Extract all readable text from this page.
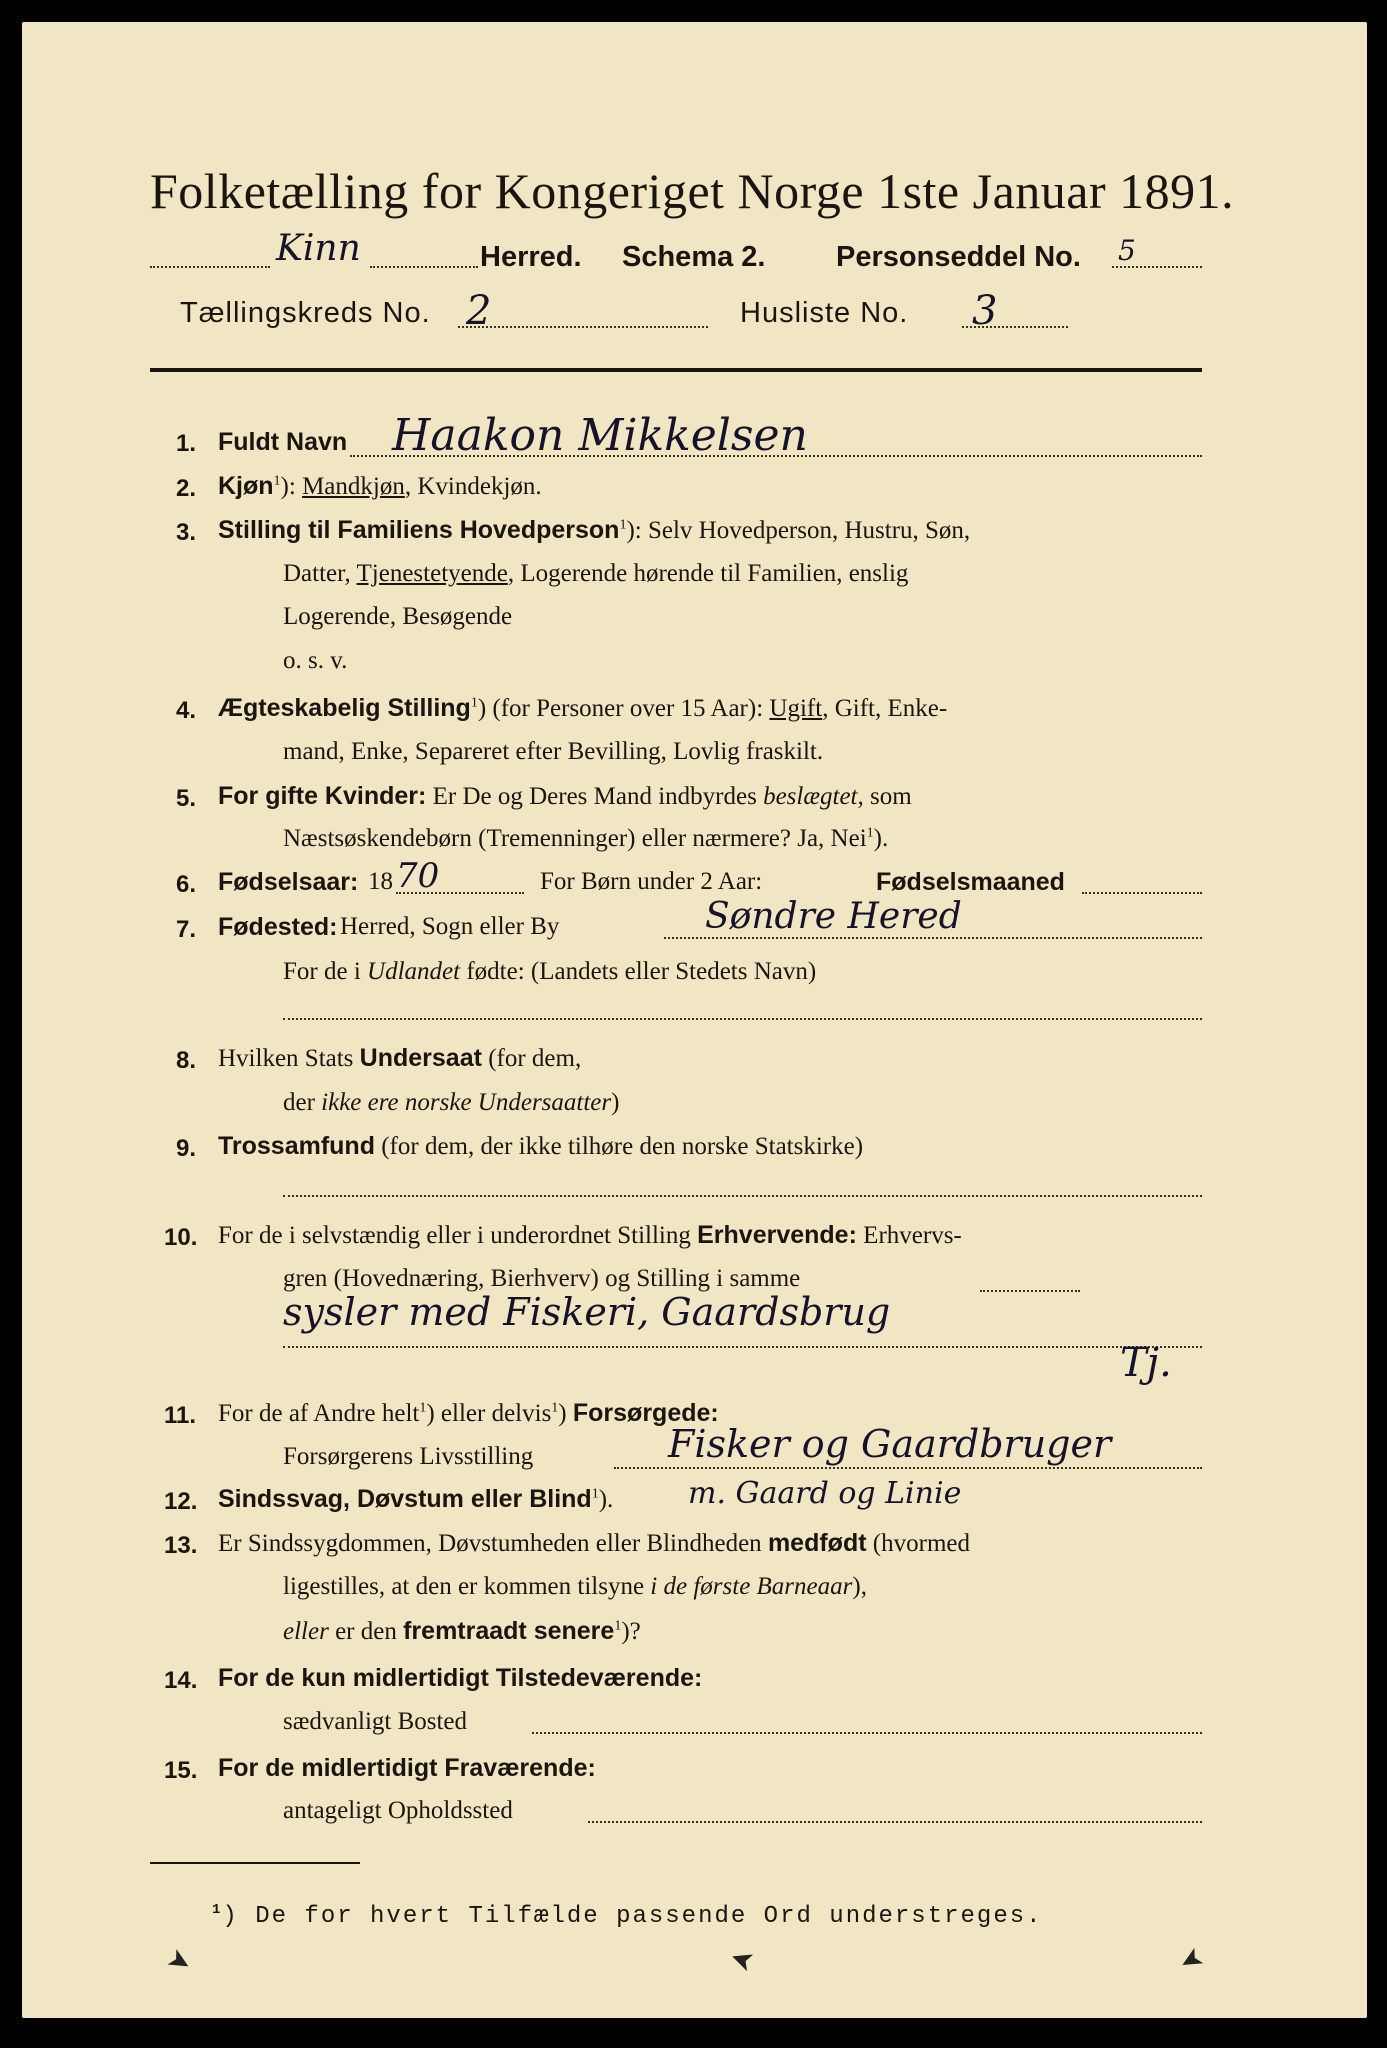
Folketælling for Kongeriget Norge 1ste Januar 1891.
Kinn	Herred. Schema 2. Personseddel No. 5
Tællingskreds No. 2	Husliste No. 3
1. Fuldt Navn Haakon Mikkelsen
2. Kjøn$^1$): Mandkjøn, Kvindekjøn.
3. Stilling til Familiens Hovedperson$^1$): Selv Hovedperson, Hustru, Søn,
Datter, Tjenestetyende, Logerende hørende til Familien, enslig
Logerende, Besøgende
o. s. v.
4. Ægteskabelig Stilling$^1$) (for Personer over 15 Aar): Ugift, Gift, Enke-
mand, Enke, Separeret efter Bevilling, Lovlig fraskilt.
5. For gifte Kvinder: Er De og Deres Mand indbyrdes beslægtet, som
Næstsøskendebørn (Tremenninger) eller nærmere? Ja, Nei$^1$).
6. Fødselsaar: 18 70	For Børn under 2 Aar:	Fødselsmaaned
7. Fødested: Herred, Sogn eller By	Søndre Hered
For de i Udlandet fødte: (Landets eller Stedets Navn)
8. Hvilken Stats Undersaat (for dem,
der ikke ere norske Undersaatter)
9. Trossamfund (for dem, der ikke tilhøre den norske Statskirke)
10. For de i selvstændig eller i underordnet Stilling Erhvervende: Erhvervs-
gren (Hovednæring, Bierhverv) og Stilling i samme
sysler med Fiskeri, Gaardsbrug
Tj.
11. For de af Andre helt$^1$) eller delvis$^1$) Forsørgede:
Forsørgerens Livsstilling	Fisker og Gaardbruger
12. Sindssvag, Døvstum eller Blind$^1$). m. Gaard og Linie
13. Er Sindssygdommen, Døvstumheden eller Blindheden medfødt (hvormed
ligestilles, at den er kommen tilsyne i de første Barneaar),
eller er den fremtraadt senere$^1$)?
14. For de kun midlertidigt Tilstedeværende:
sædvanligt Bosted
15. For de midlertidigt Fraværende:
antageligt Opholdssted
$^1$) De for hvert Tilfælde passende Ord understreges.
➤	➤	➤
